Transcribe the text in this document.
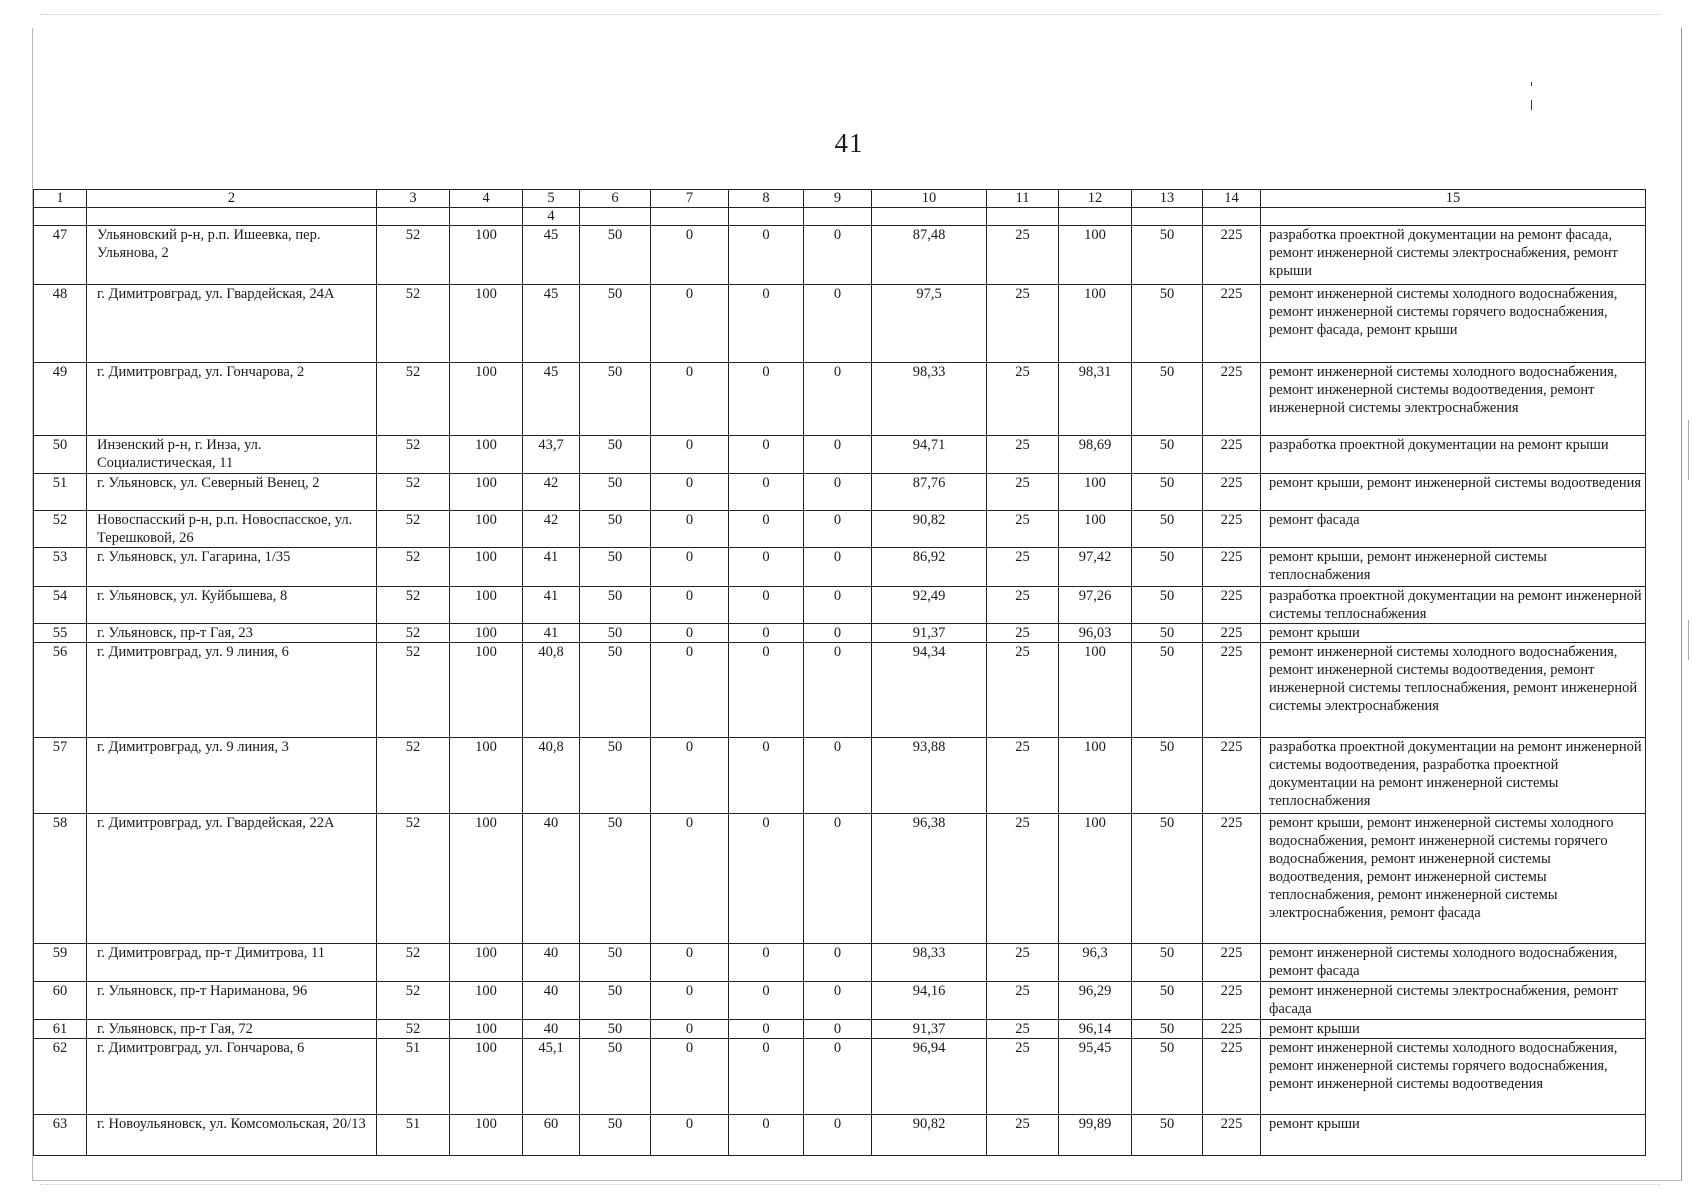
41
1	2	3	4	5	6	7	8	9	10	11	12	13	14	15
				4										
47	Ульяновский р-н, р.п. Ишеевка, пер. Ульянова, 2	52	100	45	50	0	0	0	87,48	25	100	50	225	разработка проектной документации на ремонт фасада, ремонт инженерной системы электроснабжения, ремонт крыши
48	г. Димитровград, ул. Гвардейская, 24А	52	100	45	50	0	0	0	97,5	25	100	50	225	ремонт инженерной системы холодного водоснабжения, ремонт инженерной системы горячего водоснабжения, ремонт фасада, ремонт крыши
49	г. Димитровград, ул. Гончарова, 2	52	100	45	50	0	0	0	98,33	25	98,31	50	225	ремонт инженерной системы холодного водоснабжения, ремонт инженерной системы водоотведения, ремонт инженерной системы электроснабжения
50	Инзенский р-н, г. Инза, ул. Социалистическая, 11	52	100	43,7	50	0	0	0	94,71	25	98,69	50	225	разработка проектной документации на ремонт крыши
51	г. Ульяновск, ул. Северный Венец, 2	52	100	42	50	0	0	0	87,76	25	100	50	225	ремонт крыши, ремонт инженерной системы водоотведения
52	Новоспасский р-н, р.п. Новоспасское, ул. Терешковой, 26	52	100	42	50	0	0	0	90,82	25	100	50	225	ремонт фасада
53	г. Ульяновск, ул. Гагарина, 1/35	52	100	41	50	0	0	0	86,92	25	97,42	50	225	ремонт крыши, ремонт инженерной системы теплоснабжения
54	г. Ульяновск, ул. Куйбышева, 8	52	100	41	50	0	0	0	92,49	25	97,26	50	225	разработка проектной документации на ремонт инженерной системы теплоснабжения
55	г. Ульяновск, пр-т Гая, 23	52	100	41	50	0	0	0	91,37	25	96,03	50	225	ремонт крыши
56	г. Димитровград, ул. 9 линия, 6	52	100	40,8	50	0	0	0	94,34	25	100	50	225	ремонт инженерной системы холодного водоснабжения, ремонт инженерной системы водоотведения, ремонт инженерной системы теплоснабжения, ремонт инженерной системы электроснабжения
57	г. Димитровград, ул. 9 линия, 3	52	100	40,8	50	0	0	0	93,88	25	100	50	225	разработка проектной документации на ремонт инженерной системы водоотведения, разработка проектной документации на ремонт инженерной системы теплоснабжения
58	г. Димитровград, ул. Гвардейская, 22А	52	100	40	50	0	0	0	96,38	25	100	50	225	ремонт крыши, ремонт инженерной системы холодного водоснабжения, ремонт инженерной системы горячего водоснабжения, ремонт инженерной системы водоотведения, ремонт инженерной системы теплоснабжения, ремонт инженерной системы электроснабжения, ремонт фасада
59	г. Димитровград, пр-т Димитрова, 11	52	100	40	50	0	0	0	98,33	25	96,3	50	225	ремонт инженерной системы холодного водоснабжения, ремонт фасада
60	г. Ульяновск, пр-т Нариманова, 96	52	100	40	50	0	0	0	94,16	25	96,29	50	225	ремонт инженерной системы электроснабжения, ремонт фасада
61	г. Ульяновск, пр-т Гая, 72	52	100	40	50	0	0	0	91,37	25	96,14	50	225	ремонт крыши
62	г. Димитровград, ул. Гончарова, 6	51	100	45,1	50	0	0	0	96,94	25	95,45	50	225	ремонт инженерной системы холодного водоснабжения, ремонт инженерной системы горячего водоснабжения, ремонт инженерной системы водоотведения
63	г. Новоульяновск, ул. Комсомольская, 20/13	51	100	60	50	0	0	0	90,82	25	99,89	50	225	ремонт крыши
